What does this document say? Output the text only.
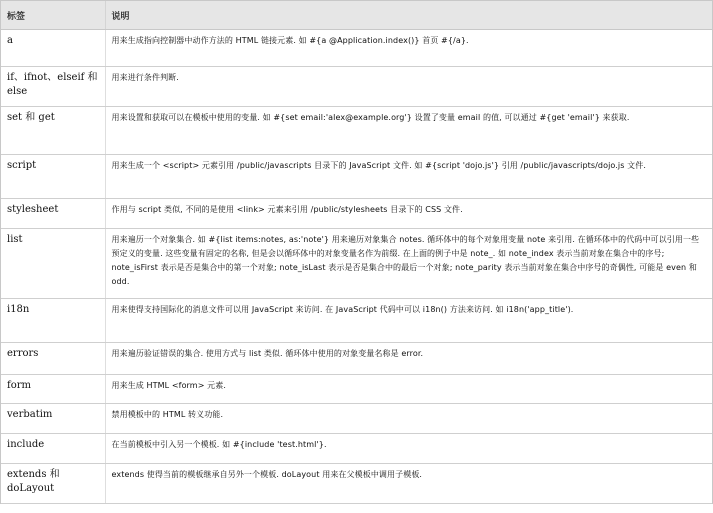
标签	说明
a	用来生成指向控制器中动作方法的 HTML 链接元素. 如 #{a @Application.index()} 首页 #{/a}.
if、ifnot、elseif 和 else	用来进行条件判断.
set 和 get	用来设置和获取可以在模板中使用的变量. 如 #{set email:'alex@example.org'} 设置了变量 email 的值, 可以通过 #{get 'email'} 来获取.
script	用来生成一个 <script> 元素引用 /public/javascripts 目录下的 JavaScript 文件. 如 #{script 'dojo.js'} 引用 /public/javascripts/dojo.js 文件.
stylesheet	作用与 script 类似, 不同的是使用 <link> 元素来引用 /public/stylesheets 目录下的 CSS 文件.
list	用来遍历一个对象集合. 如 #{list items:notes, as:'note'} 用来遍历对象集合 notes. 循环体中的每个对象用变量 note 来引用. 在循环体中的代码中可以引用一些预定义的变量. 这些变量有固定的名称, 但是会以循环体中的对象变量名作为前缀. 在上面的例子中是 note_. 如 note_index 表示当前对象在集合中的序号; note_isFirst 表示是否是集合中的第一个对象; note_isLast 表示是否是集合中的最后一个对象; note_parity 表示当前对象在集合中序号的奇偶性, 可能是 even 和 odd.
i18n	用来使得支持国际化的消息文件可以用 JavaScript 来访问. 在 JavaScript 代码中可以 i18n() 方法来访问. 如 i18n('app_title').
errors	用来遍历验证错误的集合. 使用方式与 list 类似. 循环体中使用的对象变量名称是 error.
form	用来生成 HTML <form> 元素.
verbatim	禁用模板中的 HTML 转义功能.
include	在当前模板中引入另一个模板. 如 #{include 'test.html'}.
extends 和 doLayout	extends 使得当前的模板继承自另外一个模板. doLayout 用来在父模板中调用子模板.
